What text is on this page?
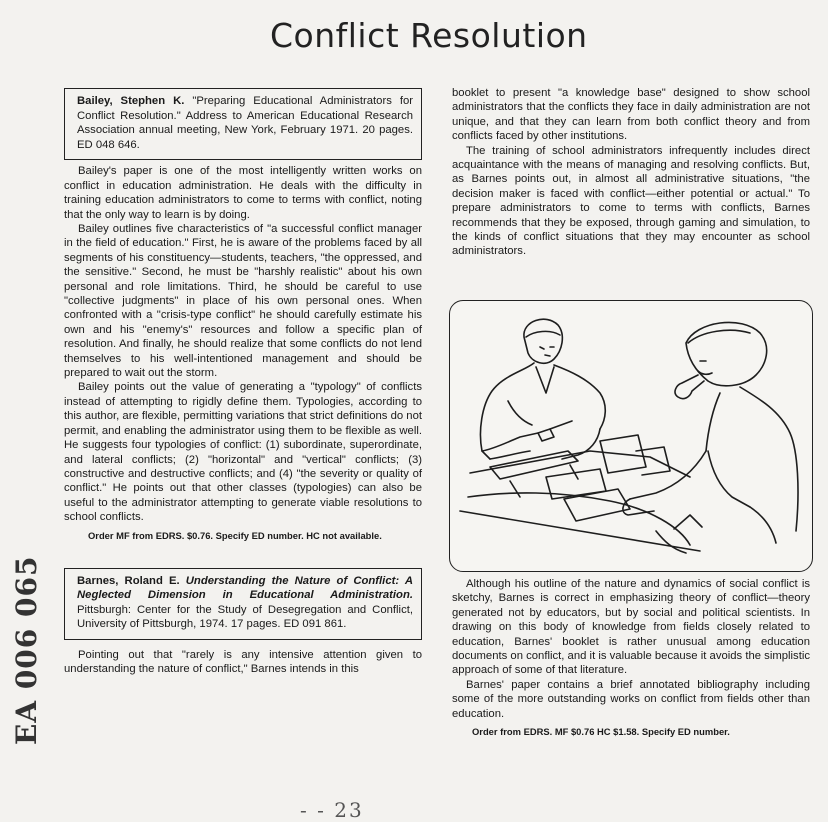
Conflict Resolution
Bailey, Stephen K. "Preparing Educational Administrators for Conflict Resolution." Address to American Educational Research Association annual meeting, New York, February 1971. 20 pages. ED 048 646.

Bailey's paper is one of the most intelligently written works on conflict in education administration. He deals with the difficulty in training education administrators to come to terms with conflict, noting that the only way to learn is by doing.

Bailey outlines five characteristics of "a successful conflict manager in the field of education." First, he is aware of the problems faced by all segments of his constituency—students, teachers, "the oppressed, and the sensitive." Second, he must be "harshly realistic" about his own personal and role limitations. Third, he should be careful to use "collective judgments" in place of his own personal ones. When confronted with a "crisis-type conflict" he should carefully estimate his own and his "enemy's" resources and follow a specific plan of resolution. And finally, he should realize that some conflicts do not lend themselves to his well-intentioned management and should be prepared to wait out the storm.

Bailey points out the value of generating a "typology" of conflicts instead of attempting to rigidly define them. Typologies, according to this author, are flexible, permitting variations that strict definitions do not permit, and enabling the administrator using them to be flexible as well. He suggests four typologies of conflict: (1) subordinate, superordinate, and lateral conflicts; (2) "horizontal" and "vertical" conflicts; (3) constructive and destructive conflicts; and (4) "the severity or quality of conflict." He points out that other classes (typologies) can also be useful to the administrator attempting to generate viable resolutions to school conflicts.

Order MF from EDRS. $0.76. Specify ED number. HC not available.
Barnes, Roland E. Understanding the Nature of Conflict: A Neglected Dimension in Educational Administration. Pittsburgh: Center for the Study of Desegregation and Conflict, University of Pittsburgh, 1974. 17 pages. ED 091 861.

Pointing out that "rarely is any intensive attention given to understanding the nature of conflict," Barnes intends in this

booklet to present "a knowledge base" designed to show school administrators that the conflicts they face in daily administration are not unique, and that they can learn from both conflict theory and from conflicts faced by other institutions.

The training of school administrators infrequently includes direct acquaintance with the means of managing and resolving conflicts. But, as Barnes points out, in almost all administrative situations, "the decision maker is faced with conflict—either potential or actual." To prepare administrators to come to terms with conflicts, Barnes recommends that they be exposed, through gaming and simulation, to the kinds of conflict situations that they may encounter as school administrators.

Although his outline of the nature and dynamics of social conflict is sketchy, Barnes is correct in emphasizing theory of conflict—theory generated not by educators, but by social and political scientists. In drawing on this body of knowledge from fields closely related to education, Barnes' booklet is rather unusual among education documents on conflict, and it is valuable because it avoids the simplistic approach of some of that literature.

Barnes' paper contains a brief annotated bibliography including some of the more outstanding works on conflict from fields other than education.

Order from EDRS. MF $0.76 HC $1.58. Specify ED number.
EA 006 065
- - 23
